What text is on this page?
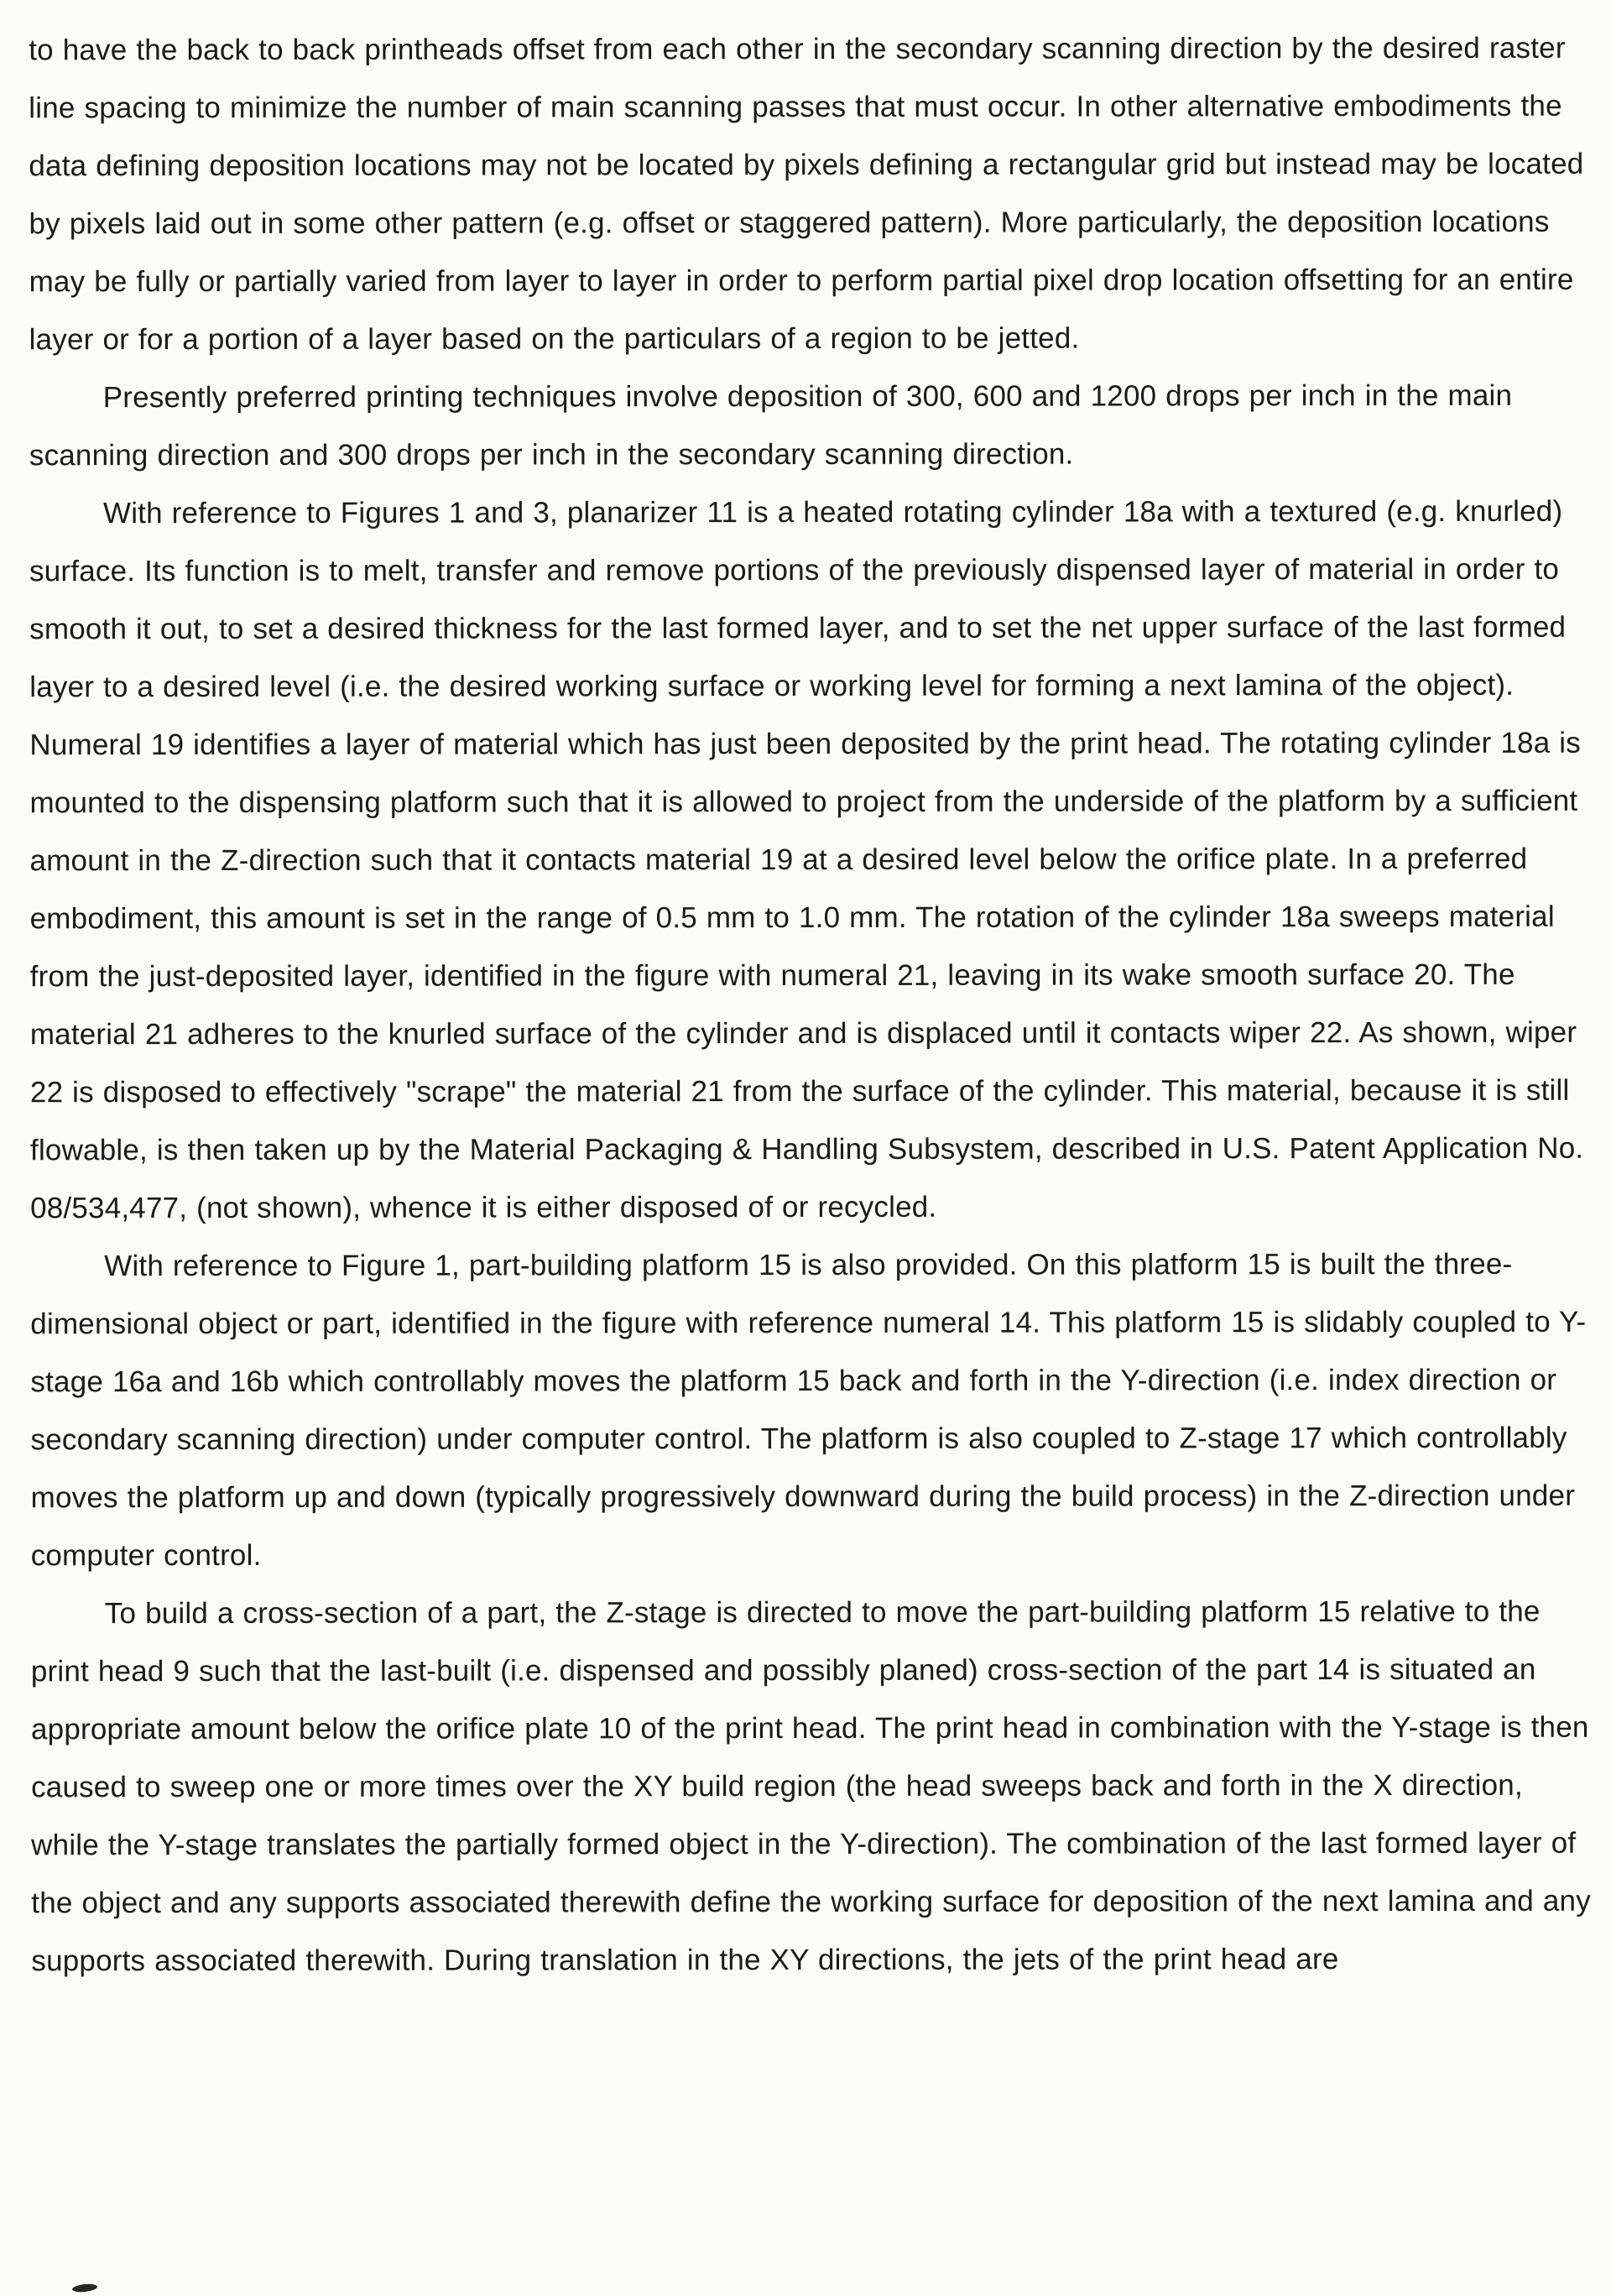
to have the back to back printheads offset from each other in the secondary scanning direction by the desired raster line spacing to minimize the number of main scanning passes that must occur. In other alternative embodiments the data defining deposition locations may not be located by pixels defining a rectangular grid but instead may be located by pixels laid out in some other pattern (e.g. offset or staggered pattern). More particularly, the deposition locations may be fully or partially varied from layer to layer in order to perform partial pixel drop location offsetting for an entire layer or for a portion of a layer based on the particulars of a region to be jetted.

Presently preferred printing techniques involve deposition of 300, 600 and 1200 drops per inch in the main scanning direction and 300 drops per inch in the secondary scanning direction.

With reference to Figures 1 and 3, planarizer 11 is a heated rotating cylinder 18a with a textured (e.g. knurled) surface. Its function is to melt, transfer and remove portions of the previously dispensed layer of material in order to smooth it out, to set a desired thickness for the last formed layer, and to set the net upper surface of the last formed layer to a desired level (i.e. the desired working surface or working level for forming a next lamina of the object). Numeral 19 identifies a layer of material which has just been deposited by the print head. The rotating cylinder 18a is mounted to the dispensing platform such that it is allowed to project from the underside of the platform by a sufficient amount in the Z-direction such that it contacts material 19 at a desired level below the orifice plate. In a preferred embodiment, this amount is set in the range of 0.5 mm to 1.0 mm. The rotation of the cylinder 18a sweeps material from the just-deposited layer, identified in the figure with numeral 21, leaving in its wake smooth surface 20. The material 21 adheres to the knurled surface of the cylinder and is displaced until it contacts wiper 22. As shown, wiper 22 is disposed to effectively "scrape" the material 21 from the surface of the cylinder. This material, because it is still flowable, is then taken up by the Material Packaging & Handling Subsystem, described in U.S. Patent Application No. 08/534,477, (not shown), whence it is either disposed of or recycled.

With reference to Figure 1, part-building platform 15 is also provided. On this platform 15 is built the three-dimensional object or part, identified in the figure with reference numeral 14. This platform 15 is slidably coupled to Y-stage 16a and 16b which controllably moves the platform 15 back and forth in the Y-direction (i.e. index direction or secondary scanning direction) under computer control. The platform is also coupled to Z-stage 17 which controllably moves the platform up and down (typically progressively downward during the build process) in the Z-direction under computer control.

To build a cross-section of a part, the Z-stage is directed to move the part-building platform 15 relative to the print head 9 such that the last-built (i.e. dispensed and possibly planed) cross-section of the part 14 is situated an appropriate amount below the orifice plate 10 of the print head. The print head in combination with the Y-stage is then caused to sweep one or more times over the XY build region (the head sweeps back and forth in the X direction, while the Y-stage translates the partially formed object in the Y-direction). The combination of the last formed layer of the object and any supports associated therewith define the working surface for deposition of the next lamina and any supports associated therewith. During translation in the XY directions, the jets of the print head are
